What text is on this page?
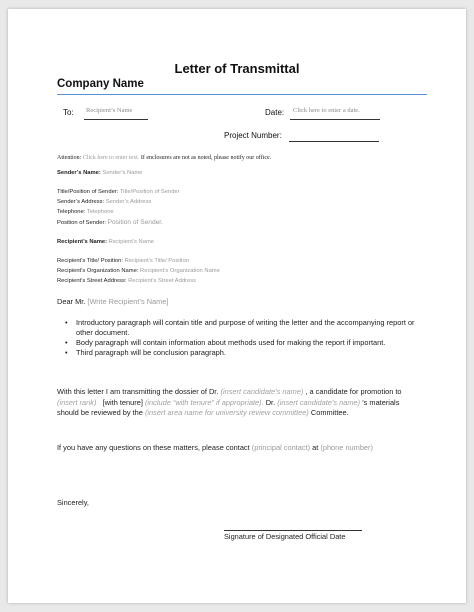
Letter of Transmittal
Company Name
To: Recipient’s Name	Date: Click here to enter a date.
Project Number:
Attention: Click here to enter text. If enclosures are not as noted, please notify our office.
Sender’s Name: Sender’s Name
Title/Position of Sender: Title/Position of Sender
Sender’s Address: Sender’s Address
Telephone: Telephone
Position of Sender: Position of Sender.
Recipient’s Name: Recipient’s Name
Recipient’s Title/ Position: Recipient’s Title/ Position
Recipient’s Organization Name: Recipient’s Organization Name
Recipient’s Street Address: Recipient’s Street Address
Dear Mr. [Write Recipient’s Name]
• Introductory paragraph will contain title and purpose of writing the letter and the accompanying report or other document.
• Body paragraph will contain information about methods used for making the report if important.
• Third paragraph will be conclusion paragraph.
With this letter I am transmitting the dossier of Dr. (insert candidate’s name) , a candidate for promotion to (insert rank) [with tenure] (include “with tenure” if appropriate). Dr. (insert candidate’s name) ’s materials should be reviewed by the (insert area name for university review committee) Committee.
If you have any questions on these matters, please contact (principal contact) at (phone number)
Sincerely,
Signature of Designated Official Date
